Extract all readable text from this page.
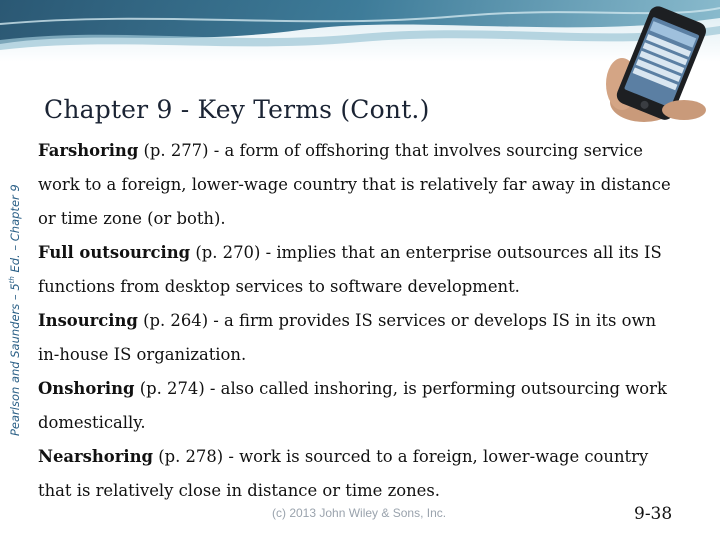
Chapter 9 - Key Terms (Cont.)
Pearlson and Saunders – 5th Ed. – Chapter 9
Farshoring (p. 277) - a form of offshoring that involves sourcing service work to a foreign, lower-wage country that is relatively far away in distance or time zone (or both).
Full outsourcing (p. 270) - implies that an enterprise outsources all its IS functions from desktop services to software development.
Insourcing (p. 264) - a firm provides IS services or develops IS in its own in-house IS organization.
Onshoring (p. 274) - also called inshoring, is performing outsourcing work domestically.
Nearshoring (p. 278) - work is sourced to a foreign, lower-wage country that is relatively close in distance or time zones.
(c) 2013 John Wiley & Sons, Inc.	9-38
